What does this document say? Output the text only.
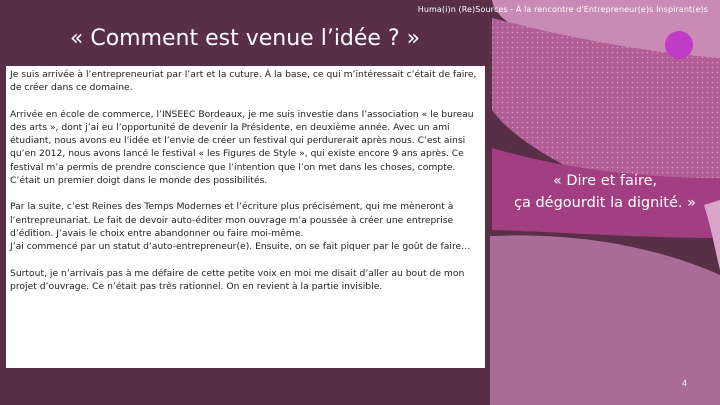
Huma(i)n (Re)Sources - À la rencontre d'Entrepreneur(e)s Inspirant(e)s
« Comment est venue l’idée ? »

Je suis arrivée à l’entrepreneuriat par l’art et la cuture. À la base, ce qui m’intéressait c’était de faire, de créer dans ce domaine.

Arrivée en école de commerce, l’INSEEC Bordeaux, je me suis investie dans l’association « le bureau des arts », dont j’ai eu l’opportunité de devenir la Présidente, en deuxième année. Avec un ami étudiant, nous avons eu l’idée et l’envie de créer un festival qui perdurerait après nous. C’est ainsi qu’en 2012, nous avons lancé le festival « les Figures de Style », qui existe encore 9 ans après. Ce festival m’a permis de prendre conscience que l’intention que l’on met dans les choses, compte.
C’était un premier doigt dans le monde des possibilités.

Par la suite, c’est Reines des Temps Modernes et l’écriture plus précisément, qui me mèneront à l’entrepreunariat. Le fait de devoir auto-éditer mon ouvrage m’a poussée à créer une entreprise d’édition. J’avais le choix entre abandonner ou faire moi-même.
J’ai commencé par un statut d’auto-entrepreneur(e). Ensuite, on se fait piquer par le goût de faire…

Surtout, je n’arrivais pas à me défaire de cette petite voix en moi me disait d’aller au bout de mon projet d’ouvrage. Ce n’était pas très rationnel. On en revient à la partie invisible.

« Dire et faire,
ça dégourdit la dignité. »
4
